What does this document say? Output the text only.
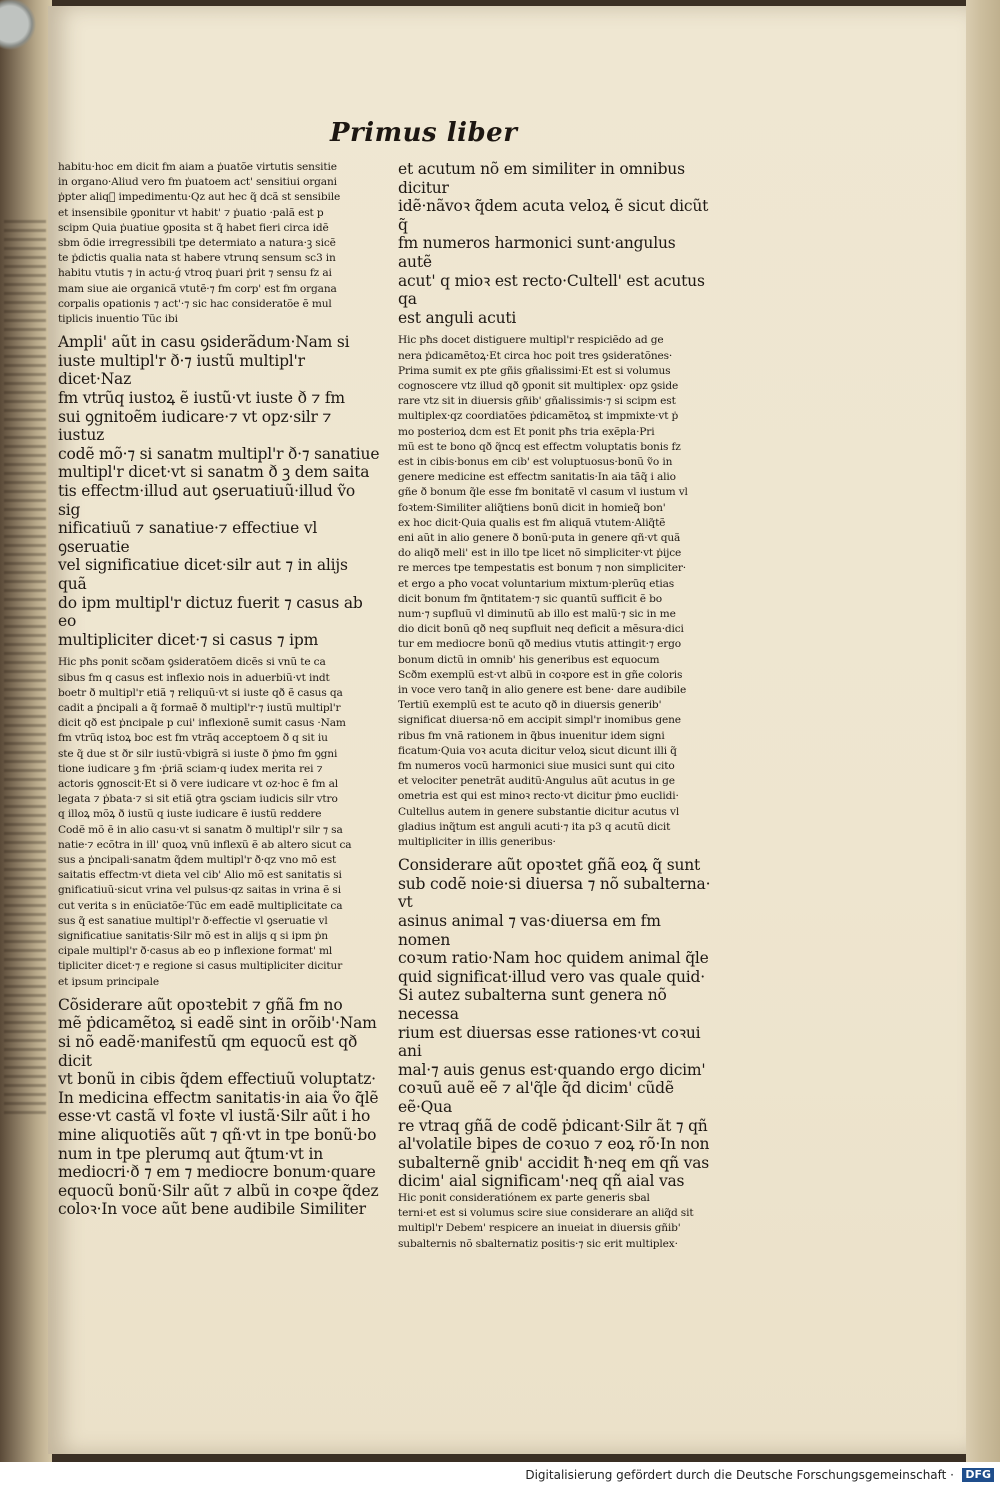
Primus liber

habitu·hoc em dicit fm aiam a ṗuatõe virtutis sensitie

in organo·Aliud vero fm ṗuatoem act' sensitiui organi

ṗpter aliqᷓ impedimentu·Qz aut hec q̃ dcã st sensibile

et insensibile ꝯponitur vt habit' ⁊ ṗuatio ·palã est p

scipm Quia ṗuatiue ꝯposita st q̃ habet fieri circa idẽ

sbm õdie irregressibili tpe determiato a natura·ꝫ sicẽ

te ṗdictis qualia nata st habere vtrunq sensum sc3 in

habitu vtutis ⁊ in actu·ǵ vtroq ṗuari ṗrit ⁊ sensu fz ai

mam siue aie organicã vtutẽ·⁊ fm corp' est fm organa

corpalis opationis ⁊ act'·⁊ sic hac consideratõe ẽ mul

tiplicis inuentio Tũc ibi

Ampli' aũt in casu ꝯsiderãdum·Nam si

iuste multipl'r ð·⁊ iustũ multipl'r dicet·Naz

fm vtrũq iustoꝝ ẽ iustũ·vt iuste ð ⁊ fm

sui ꝯgnitoẽm iudicare·⁊ vt opz·silr ⁊ iustuz

codẽ mõ·⁊ si sanatm multipl'r ð·⁊ sanatiue

multipl'r dicet·vt si sanatm ð ꝫ dem saita

tis effectm·illud aut ꝯseruatiuũ·illud ṽo sig

nificatiuũ ⁊ sanatiue·⁊ effectiue vl ꝯseruatie

vel significatiue dicet·silr aut ⁊ in alijs quã

do ipm multipl'r dictuz fuerit ⁊ casus ab eo

multipliciter dicet·⁊ si casus ⁊ ipm

Hic pħs ponit scðam ꝯsideratõem dicẽs si vnũ te ca

sibus fm q casus est inflexio nois in aduerbiũ·vt indt

boetr ð multipl'r etiã ⁊ reliquũ·vt si iuste qð ẽ casus qa

cadit a ṗncipali a q̃ formaẽ ð multipl'r·⁊ iustũ multipl'r

dicit qð est ṗncipale p cui' inflexionẽ sumit casus ·Nam

fm vtrũq istoꝝ boc est fm vtrãq acceptoem ð q sit iu

ste q̃ due st ðr silr iustũ·vbigrã si iuste ð ṗmo fm ꝯgni

tione iudicare ꝫ fm ·ṗriã sciam·q iudex merita rei ⁊

actoris ꝯgnoscit·Et si ð vere iudicare vt oz·hoc ẽ fm al

legata ⁊ ṗbata·⁊ si sit etiã ꝯtra ꝯsciam iudicis silr vtro

q illoꝝ mõꝝ ð iustũ q iuste iudicare ẽ iustũ reddere

Codẽ mõ ẽ in alio casu·vt si sanatm ð multipl'r silr ⁊ sa

natie·⁊ ecõtra in ill' quoꝝ vnũ inflexũ ẽ ab altero sicut ca

sus a ṗncipali·sanatm q̃dem multipl'r ð·qz vno mõ est

saitatis effectm·vt dieta vel cib' Alio mõ est sanitatis si

gnificatiuũ·sicut vrina vel pulsus·qz saitas in vrina ẽ si

cut verita s in enũciatõe·Tũc em eadẽ multiplicitate ca

sus q̃ est sanatiue multipl'r ð·effectie vl ꝯseruatie vl

significatiue sanitatis·Silr mõ est in alijs q si ipm ṗn

cipale multipl'r ð·casus ab eo p inflexione format' ml

tipliciter dicet·⁊ e regione si casus multipliciter dicitur

et ipsum principale

Cõsiderare aũt opoꝛtebit ⁊ gñã fm no

mẽ ṗdicamẽtoꝝ si eadẽ sint in orõib'·Nam

si nõ eadẽ·manifestũ qm equocũ est qð dicit

vt bonũ in cibis q̃dem effectiuũ voluptatz·

In medicina effectm sanitatis·in aia ṽo q̃lẽ

esse·vt castã vl foꝛte vl iustã·Silr aũt i ho

mine aliquotiẽs aũt ⁊ qñ·vt in tpe bonũ·bo

num in tpe plerumq aut q̃tum·vt in

mediocri·ð ⁊ em ⁊ mediocre bonum·quare

equocũ bonũ·Silr aũt ⁊ albũ in coꝛpe q̃dez

coloꝛ·In voce aũt bene audibile Similiter

et acutum nõ em similiter in omnibus dicitur

idẽ·nãvoꝛ q̃dem acuta veloꝝ ẽ sicut dicũt q̃

fm numeros harmonici sunt·angulus autẽ

acut' q mioꝛ est recto·Cultell' est acutus qa

est anguli acuti

Hic pħs docet distiguere multipl'r respiciẽdo ad ge

nera ṗdicamẽtoꝝ·Et circa hoc poit tres ꝯsideratõnes·

Prima sumit ex pte gñis gñalissimi·Et est si volumus

cognoscere vtz illud qð ꝯponit sit multiplex· opz ꝯside

rare vtz sit in diuersis gñib' gñalissimis·⁊ si scipm est

multiplex·qz coordiatões ṗdicamẽtoꝝ st impmixte·vt ṗ

mo posterioꝝ dcm est Et ponit pħs tria exẽpla·Pri

mũ est te bono qð q̃ncq est effectm voluptatis bonis fz

est in cibis·bonus em cib' est voluptuosus·bonũ ṽo in

genere medicine est effectm sanitatis·In aia tãq̃ i alio

gñe ð bonum q̃le esse fm bonitatẽ vl casum vl iustum vl

foꝛtem·Similiter aliq̃tiens bonũ dicit in homieq̃ bon'

ex hoc dicit·Quia qualis est fm aliquã vtutem·Aliq̃tẽ

eni aũt in alio genere ð bonũ·puta in genere qñ·vt quã

do aliqð meli' est in illo tpe licet nõ simpliciter·vt ṗijce

re merces tpe tempestatis est bonum ⁊ non simpliciter·

et ergo a pħo vocat voluntarium mixtum·plerũq etias

dicit bonum fm q̃ntitatem·⁊ sic quantũ sufficit ẽ bo

num·⁊ supfluũ vl diminutũ ab illo est malũ·⁊ sic in me

dio dicit bonũ qð neq supfluit neq deficit a mẽsura·dici

tur em mediocre bonũ qð medius vtutis attingit·⁊ ergo

bonum dictũ in omnib' his generibus est equocum

Scðm exemplũ est·vt albũ in coꝛpore est in gñe coloris

in voce vero tanq̃ in alio genere est bene· dare audibile

Tertiũ exemplũ est te acuto qð in diuersis generib'

significat diuersa·nõ em accipit simpl'r inomibus gene

ribus fm vnã rationem in q̃bus inuenitur idem signi

ficatum·Quia voꝛ acuta dicitur veloꝝ sicut dicunt illi q̃

fm numeros vocũ harmonici siue musici sunt qui cito

et velociter penetrãt auditũ·Angulus aũt acutus in ge

ometria est qui est minoꝛ recto·vt dicitur ṗmo euclidi·

Cultellus autem in genere substantie dicitur acutus vl

gladius inq̃tum est anguli acuti·⁊ ita p3 q acutũ dicit

multipliciter in illis generibus·

Considerare aũt opoꝛtet gñã eoꝝ q̃ sunt

sub codẽ noie·si diuersa ⁊ nõ subalterna· vt

asinus animal ⁊ vas·diuersa em fm nomen

coꝛum ratio·Nam hoc quidem animal q̃le

quid significat·illud vero vas quale quid·

Si autez subalterna sunt genera nõ necessa

rium est diuersas esse rationes·vt coꝛui ani

mal·⁊ auis genus est·quando ergo dicim'

coꝛuũ auẽ eẽ ⁊ al'q̃le q̃d dicim' cũdẽ eẽ·Qua

re vtraq gñã de codẽ ṗdicant·Silr ãt ⁊ qñ

al'volatile bipes de coꝛuo ⁊ eoꝝ rõ·In non

subalternẽ gnib' accidit ħ·neq em qñ vas

dicim' aial significam'·neq qñ aial vas

Hic ponit consideratiónem ex parte generis sbal

terni·et est si volumus scire siue considerare an aliq̃d sit

multipl'r Debem' respicere an inueiat in diuersis gñib'

subalternis nõ sbalternatiz positis·⁊ sic erit multiplex·

Digitalisierung gefördert durch die Deutsche Forschungsgemeinschaft · DFG
